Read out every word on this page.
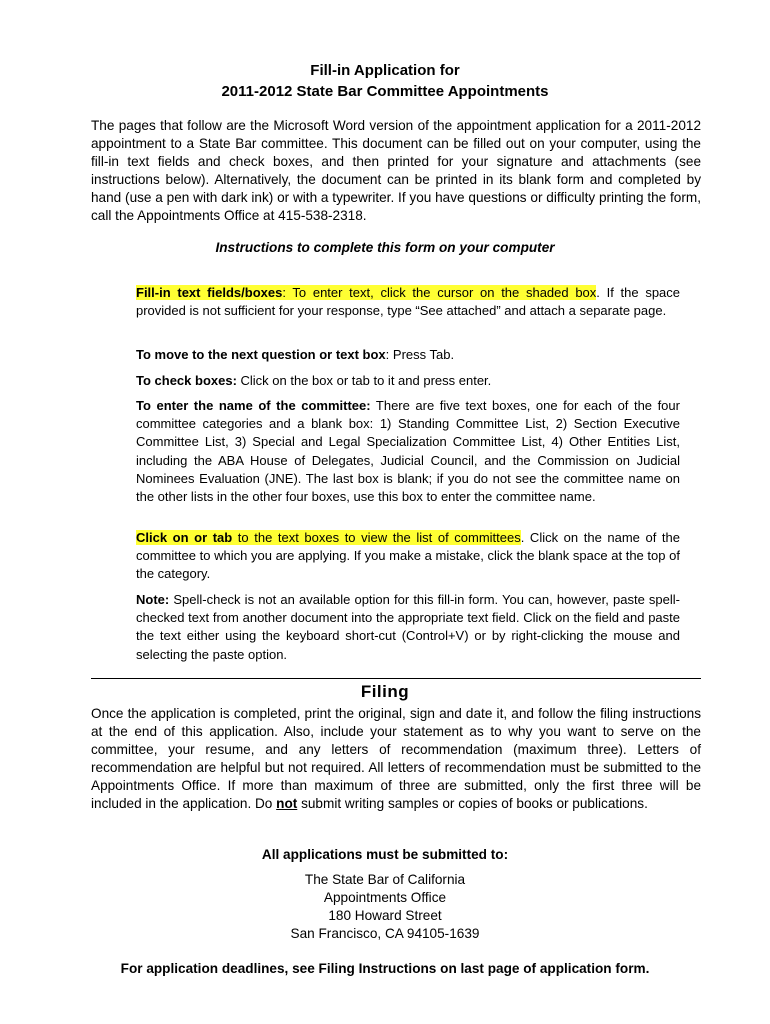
Fill-in Application for
2011-2012 State Bar Committee Appointments
The pages that follow are the Microsoft Word version of the appointment application for a 2011-2012 appointment to a State Bar committee. This document can be filled out on your computer, using the fill-in text fields and check boxes, and then printed for your signature and attachments (see instructions below). Alternatively, the document can be printed in its blank form and completed by hand (use a pen with dark ink) or with a typewriter. If you have questions or difficulty printing the form, call the Appointments Office at 415-538-2318.
Instructions to complete this form on your computer
Fill-in text fields/boxes: To enter text, click the cursor on the shaded box. If the space provided is not sufficient for your response, type “See attached” and attach a separate page.
To move to the next question or text box: Press Tab.
To check boxes: Click on the box or tab to it and press enter.
To enter the name of the committee: There are five text boxes, one for each of the four committee categories and a blank box: 1) Standing Committee List, 2) Section Executive Committee List, 3) Special and Legal Specialization Committee List, 4) Other Entities List, including the ABA House of Delegates, Judicial Council, and the Commission on Judicial Nominees Evaluation (JNE). The last box is blank; if you do not see the committee name on the other lists in the other four boxes, use this box to enter the committee name.
Click on or tab to the text boxes to view the list of committees. Click on the name of the committee to which you are applying. If you make a mistake, click the blank space at the top of the category.
Note: Spell-check is not an available option for this fill-in form. You can, however, paste spell-checked text from another document into the appropriate text field. Click on the field and paste the text either using the keyboard short-cut (Control+V) or by right-clicking the mouse and selecting the paste option.
Filing
Once the application is completed, print the original, sign and date it, and follow the filing instructions at the end of this application. Also, include your statement as to why you want to serve on the committee, your resume, and any letters of recommendation (maximum three). Letters of recommendation are helpful but not required. All letters of recommendation must be submitted to the Appointments Office. If more than maximum of three are submitted, only the first three will be included in the application. Do not submit writing samples or copies of books or publications.
All applications must be submitted to:
The State Bar of California
Appointments Office
180 Howard Street
San Francisco, CA 94105-1639
For application deadlines, see Filing Instructions on last page of application form.
